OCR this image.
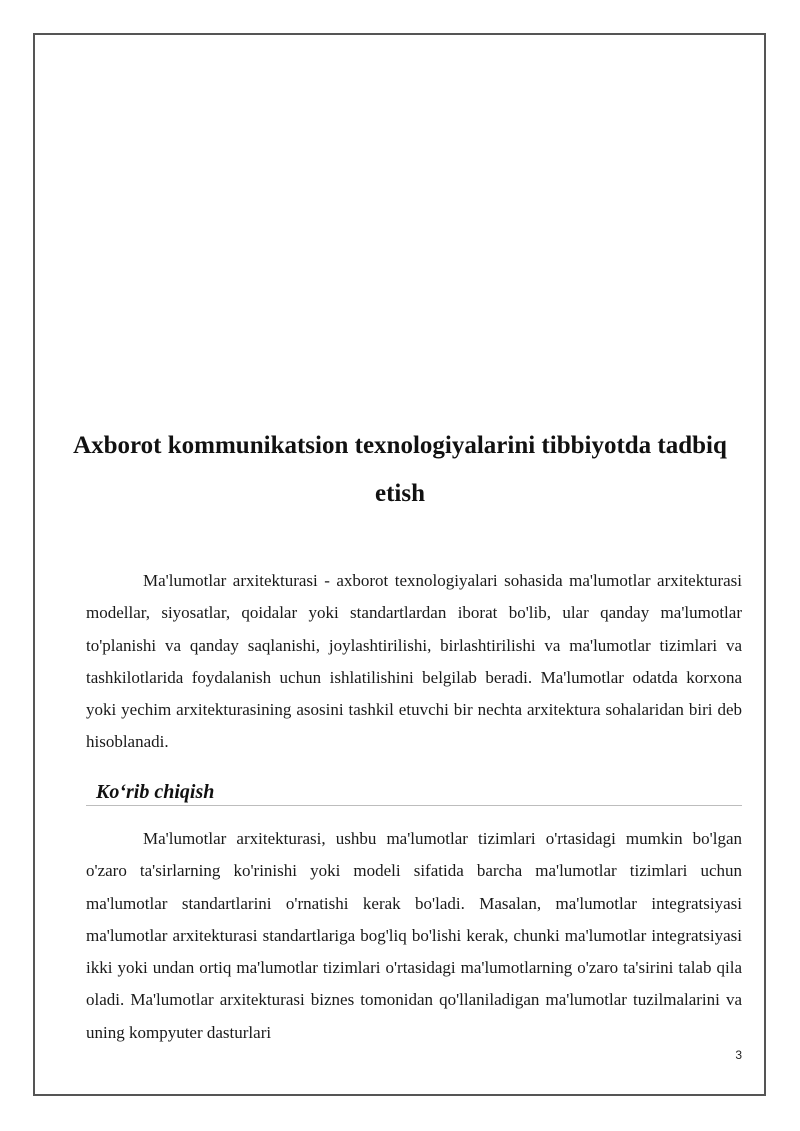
Axborot kommunikatsion texnologiyalarini tibbiyotda tadbiq etish

Ma'lumotlar arxitekturasi - axborot texnologiyalari sohasida ma'lumotlar arxitekturasi modellar, siyosatlar, qoidalar yoki standartlardan iborat bo'lib, ular qanday ma'lumotlar to'planishi va qanday saqlanishi, joylashtirilishi, birlashtirilishi va ma'lumotlar tizimlari va tashkilotlarida foydalanish uchun ishlatilishini belgilab beradi. Ma'lumotlar odatda korxona yoki yechim arxitekturasining asosini tashkil etuvchi bir nechta arxitektura sohalaridan biri deb hisoblanadi.

Ko‘rib chiqish

Ma'lumotlar arxitekturasi, ushbu ma'lumotlar tizimlari o'rtasidagi mumkin bo'lgan o'zaro ta'sirlarning ko'rinishi yoki modeli sifatida barcha ma'lumotlar tizimlari uchun ma'lumotlar standartlarini o'rnatishi kerak bo'ladi. Masalan, ma'lumotlar integratsiyasi ma'lumotlar arxitekturasi standartlariga bog'liq bo'lishi kerak, chunki ma'lumotlar integratsiyasi ikki yoki undan ortiq ma'lumotlar tizimlari o'rtasidagi ma'lumotlarning o'zaro ta'sirini talab qila oladi. Ma'lumotlar arxitekturasi biznes tomonidan qo'llaniladigan ma'lumotlar tuzilmalarini va uning kompyuter dasturlari

3
